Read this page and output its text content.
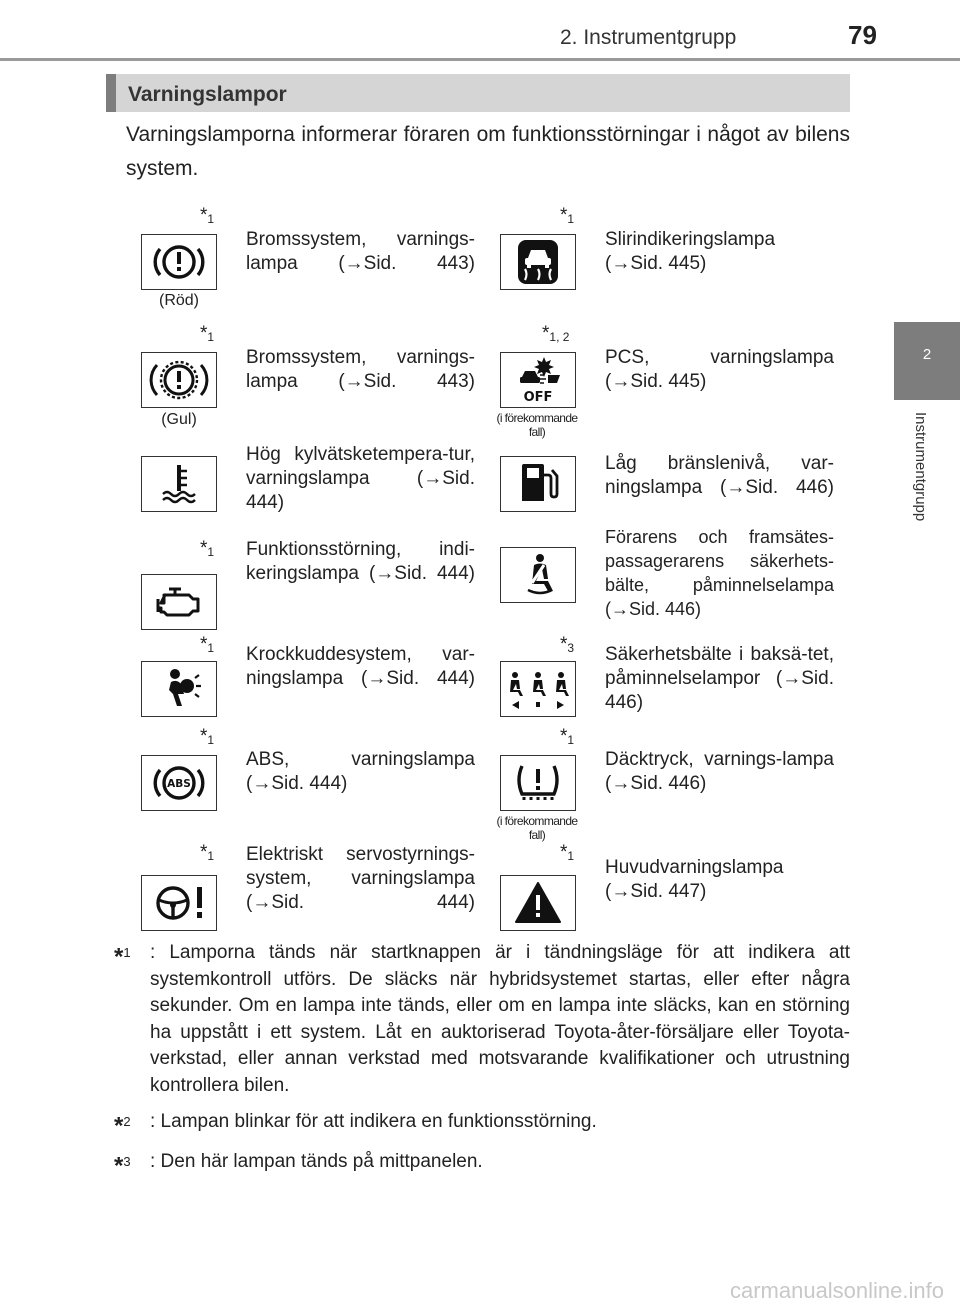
2. Instrumentgrupp	79
2
Instrumentgrupp
Varningslampor
Varningslamporna informerar föraren om funktionsstörningar i något av bilens system.
$*_1$
(Röd)
Bromssystem, varnings-lampa (→Sid. 443)
$*_1$
Slirindikeringslampa (→Sid. 445)
$*_1$
(Gul)
Bromssystem, varnings-lampa (→Sid. 443)
$*_{1, 2}$
OFF
(i förekommande fall)
PCS, varningslampa (→Sid. 445)
Hög kylvätsketempera-tur, varningslampa (→Sid. 444)
Låg bränslenivå, var-ningslampa (→Sid. 446)
$*_1$ Funktionsstörning, indi-keringslampa (→Sid. 444)
Förarens och framsätes-passagerarens säkerhets-bälte, påminnelselampa (→Sid. 446)
$*_1$ Krockkuddesystem, var-ningslampa (→Sid. 444)
$*_3$ Säkerhetsbälte i baksä-tet, påminnelselampor (→Sid. 446)
$*_1$
ABS
ABS, varningslampa (→Sid. 444)
$*_1$
(i förekommande fall)
Däcktryck, varnings-lampa (→Sid. 446)
$*_1$ Elektriskt servostyrnings-system, varningslampa (→Sid. 444)
$*_1$
Huvudvarningslampa (→Sid. 447)
*$^1$ : Lamporna tänds när startknappen är i tändningsläge för att indikera att systemkontroll utförs. De släcks när hybridsystemet startas, eller efter några sekunder. Om en lampa inte tänds, eller om en lampa inte släcks, kan en störning ha uppstått i ett system. Låt en auktoriserad Toyota-åter-försäljare eller Toyota-verkstad, eller annan verkstad med motsvarande kvalifikationer och utrustning kontrollera bilen.
*$^2$ : Lampan blinkar för att indikera en funktionsstörning.
*$^3$ : Den här lampan tänds på mittpanelen.
carmanualsonline.info
